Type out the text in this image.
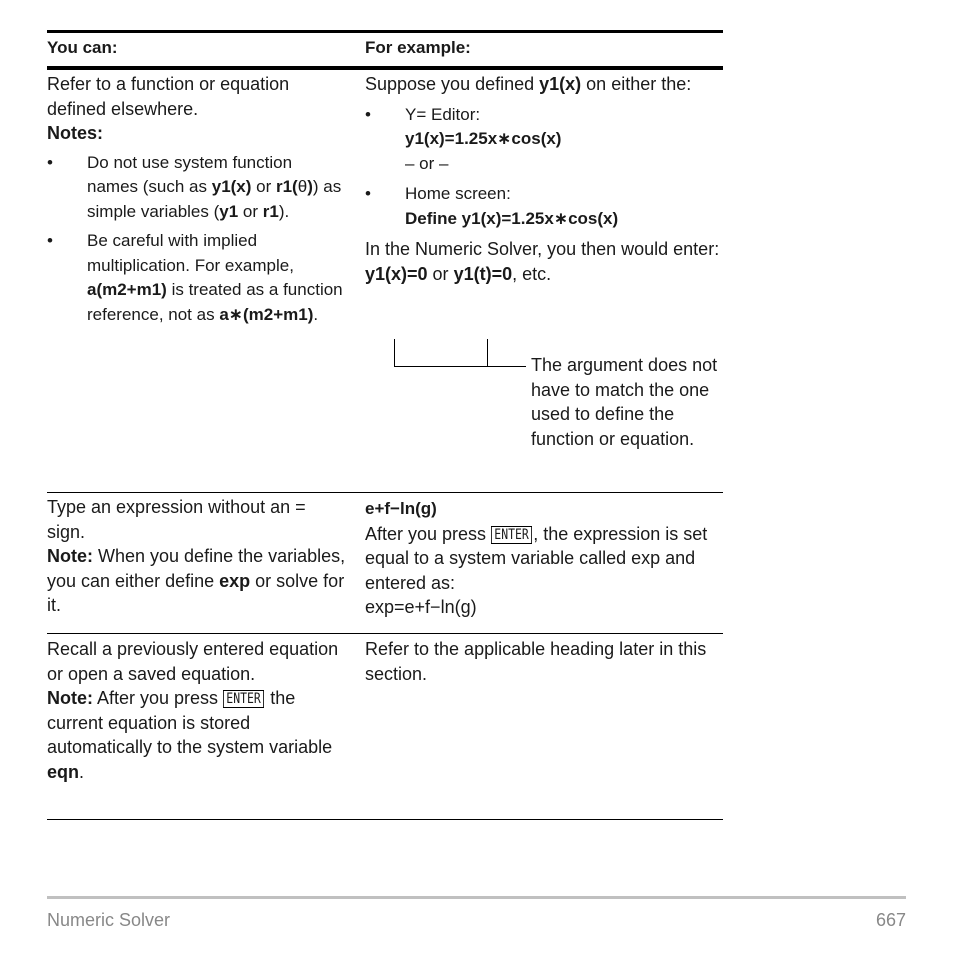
You can:	For example:

Refer to a function or equation defined elsewhere.

Notes:

• Do not use system function names (such as y1(x) or r1(θ)) as simple variables (y1 or r1).
• Be careful with implied multiplication. For example, a(m2+m1) is treated as a function reference, not as a∗(m2+m1).

Suppose you defined y1(x) on either the:

• Y= Editor:
y1(x)=1.25x∗cos(x)
– or –
• Home screen:
Define y1(x)=1.25x∗cos(x)

In the Numeric Solver, you then would enter:

y1(x)=0 or y1(t)=0, etc.

The argument does not have to match the one used to define the function or equation.

Type an expression without an = sign.

Note: When you define the variables, you can either define exp or solve for it.

e+f−ln(g)

After you press ENTER , the expression is set equal to a system variable called exp and entered as:

exp=e+f−ln(g)

Recall a previously entered equation or open a saved equation.

Note: After you press ENTER the current equation is stored automatically to the system variable eqn.

Refer to the applicable heading later in this section.

Numeric Solver	667
